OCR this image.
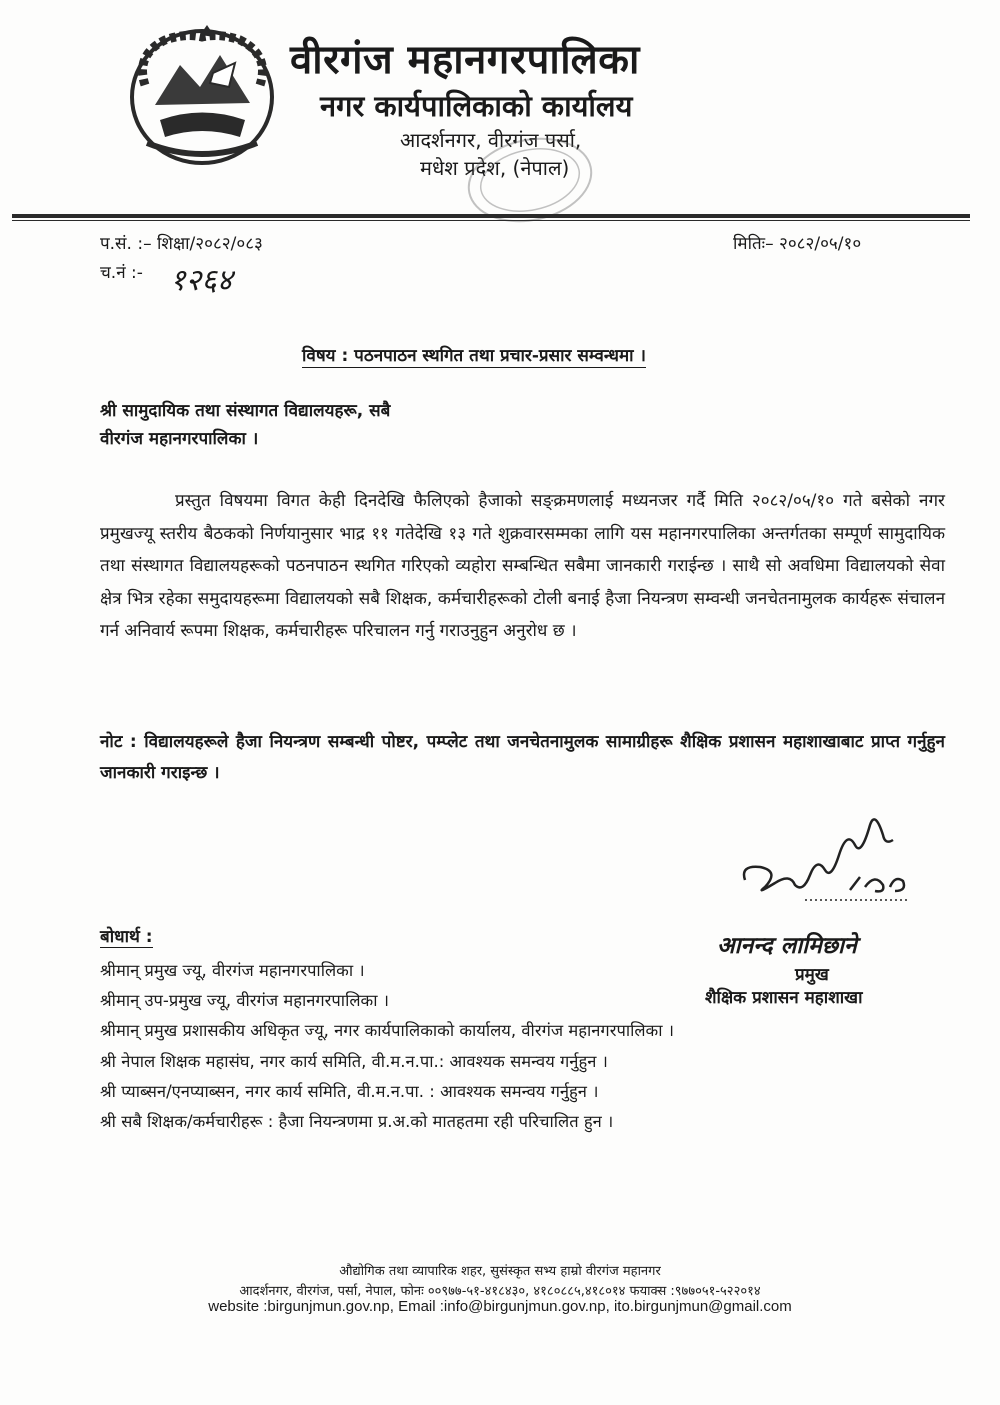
वीरगंज महानगरपालिका
नगर कार्यपालिकाको कार्यालय
आदर्शनगर, वीरगंज पर्सा,
मधेश प्रदेश, (नेपाल)
प.सं. :– शिक्षा/२०८२/०८३	मितिः– २०८२/०५/१०
च.नं :- १२६४
विषय : पठनपाठन स्थगित तथा प्रचार-प्रसार सम्वन्धमा ।
श्री सामुदायिक तथा संस्थागत विद्यालयहरू, सबै
वीरगंज महानगरपालिका ।
प्रस्तुत विषयमा विगत केही दिनदेखि फैलिएको हैजाको सङ्क्रमणलाई मध्यनजर गर्दै मिति २०८२/०५/१० गते बसेको नगर प्रमुखज्यू स्तरीय बैठकको निर्णयानुसार भाद्र ११ गतेदेखि १३ गते शुक्रवारसम्मका लागि यस महानगरपालिका अन्तर्गतका सम्पूर्ण सामुदायिक तथा संस्थागत विद्यालयहरूको पठनपाठन स्थगित गरिएको व्यहोरा सम्बन्धित सबैमा जानकारी गराईन्छ । साथै सो अवधिमा विद्यालयको सेवा क्षेत्र भित्र रहेका समुदायहरूमा विद्यालयको सबै शिक्षक, कर्मचारीहरूको टोली बनाई हैजा नियन्त्रण सम्वन्धी जनचेतनामुलक कार्यहरू संचालन गर्न अनिवार्य रूपमा शिक्षक, कर्मचारीहरू परिचालन गर्नु गराउनुहुन अनुरोध छ ।
नोट : विद्यालयहरूले हैजा नियन्त्रण सम्बन्धी पोष्टर, पम्प्लेट तथा जनचेतनामुलक सामाग्रीहरू शैक्षिक प्रशासन महाशाखाबाट प्राप्त गर्नुहुन जानकारी गराइन्छ ।
आनन्द लामिछाने
प्रमुख
शैक्षिक प्रशासन महाशाखा
बोधार्थ :
श्रीमान् प्रमुख ज्यू, वीरगंज महानगरपालिका ।
श्रीमान् उप-प्रमुख ज्यू, वीरगंज महानगरपालिका ।
श्रीमान् प्रमुख प्रशासकीय अधिकृत ज्यू, नगर कार्यपालिकाको कार्यालय, वीरगंज महानगरपालिका ।
श्री नेपाल शिक्षक महासंघ, नगर कार्य समिति, वी.म.न.पा.: आवश्यक समन्वय गर्नुहुन ।
श्री प्याब्सन/एनप्याब्सन, नगर कार्य समिति, वी.म.न.पा. : आवश्यक समन्वय गर्नुहुन ।
श्री सबै शिक्षक/कर्मचारीहरू : हैजा नियन्त्रणमा प्र.अ.को मातहतमा रही परिचालित हुन ।
औद्योगिक तथा व्यापारिक शहर, सुसंस्कृत सभ्य हाम्रो वीरगंज महानगर
आदर्शनगर, वीरगंज, पर्सा, नेपाल, फोनः ००९७७-५१-४१८४३०, ४१८०८८५,४१८०१४ फयाक्स :९७७०५१-५२२०१४
website :birgunjmun.gov.np, Email :info@birgunjmun.gov.np, ito.birgunjmun@gmail.com
